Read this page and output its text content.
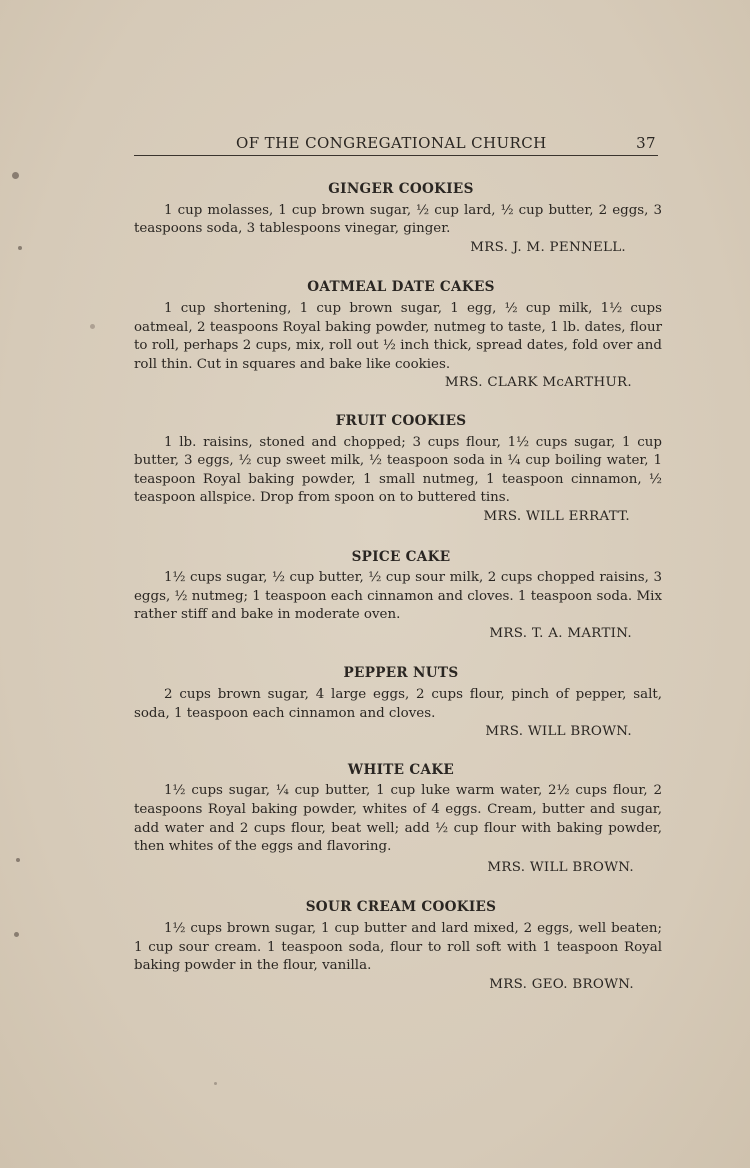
OF THE CONGREGATIONAL CHURCH	37
GINGER COOKIES

1 cup molasses, 1 cup brown sugar, ½ cup lard, ½ cup butter, 2 eggs, 3 teaspoons soda, 3 tablespoons vinegar, ginger.

MRS. J. M. PENNELL.

OATMEAL DATE CAKES

1 cup shortening, 1 cup brown sugar, 1 egg, ½ cup milk, 1½ cups oatmeal, 2 teaspoons Royal baking powder, nutmeg to taste, 1 lb. dates, flour to roll, perhaps 2 cups, mix, roll out ½ inch thick, spread dates, fold over and roll thin. Cut in squares and bake like cookies.

MRS. CLARK McARTHUR.

FRUIT COOKIES

1 lb. raisins, stoned and chopped; 3 cups flour, 1½ cups sugar, 1 cup butter, 3 eggs, ½ cup sweet milk, ½ teaspoon soda in ¼ cup boiling water, 1 teaspoon Royal baking powder, 1 small nutmeg, 1 teaspoon cinnamon, ½ teaspoon allspice. Drop from spoon on to buttered tins.

MRS. WILL ERRATT.

SPICE CAKE

1½ cups sugar, ½ cup butter, ½ cup sour milk, 2 cups chopped raisins, 3 eggs, ½ nutmeg; 1 teaspoon each cinnamon and cloves. 1 teaspoon soda. Mix rather stiff and bake in moderate oven.

MRS. T. A. MARTIN.

PEPPER NUTS

2 cups brown sugar, 4 large eggs, 2 cups flour, pinch of pepper, salt, soda, 1 teaspoon each cinnamon and cloves.

MRS. WILL BROWN.

WHITE CAKE

1½ cups sugar, ¼ cup butter, 1 cup luke warm water, 2½ cups flour, 2 teaspoons Royal baking powder, whites of 4 eggs. Cream, butter and sugar, add water and 2 cups flour, beat well; add ½ cup flour with baking powder, then whites of the eggs and flavoring.

MRS. WILL BROWN.

SOUR CREAM COOKIES

1½ cups brown sugar, 1 cup butter and lard mixed, 2 eggs, well beaten; 1 cup sour cream. 1 teaspoon soda, flour to roll soft with 1 teaspoon Royal baking powder in the flour, vanilla.

MRS. GEO. BROWN.
